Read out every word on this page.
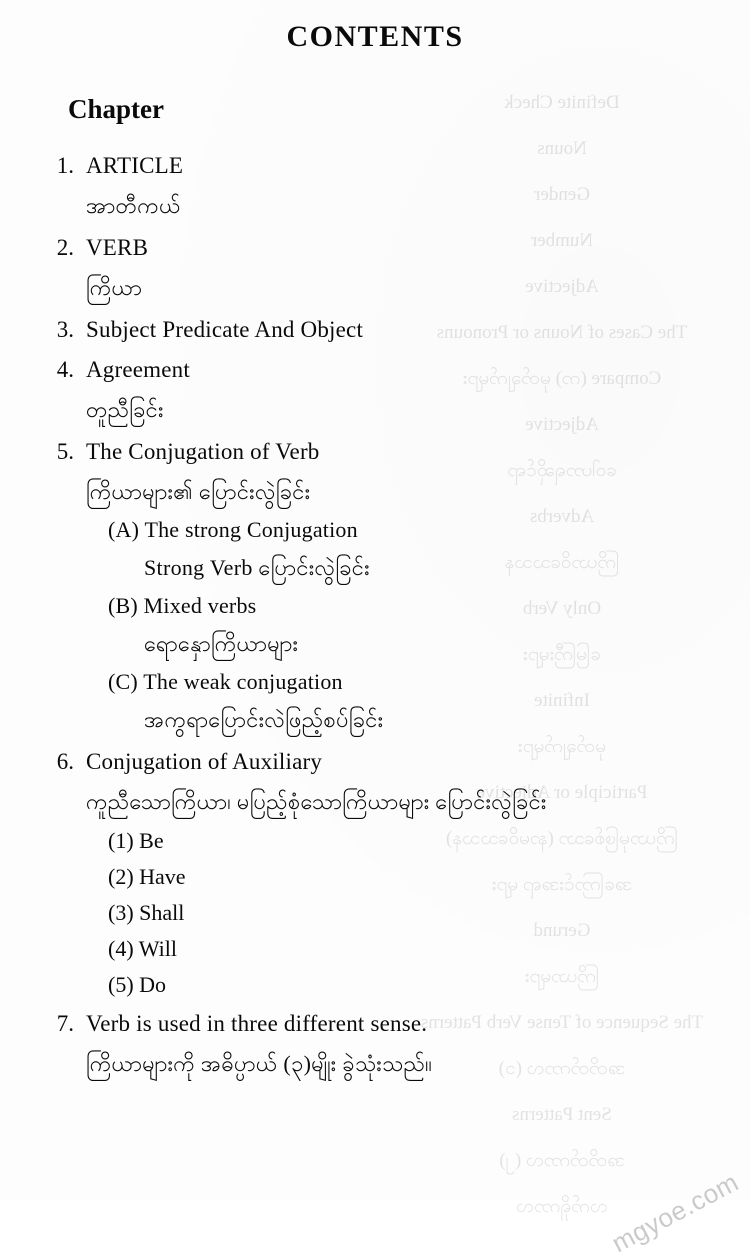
Definite Check
Nouns
Gender
Number
Adjective
The Cases of Nouns or Pronouns
Compare (က) မှတ်ချက်များ
Adjective
ဝေါဟာရဆိုင်ရာ
Adverbs
ကြိယာဝိသေသန
Only Verb
မြေကြီးများ
Infinite
မှတ်ချက်များ
Participle or Adjective
ကြိယာမှဖြစ်သော (နာမဝိသေသန)
အကြောင်းအရာ များ
Gerund
ကြိယာများ
The Sequence of Tense Verb Patterns
အတိတ်ကာလ (၁)
Sent Patterns
အတိတ်ကာလ (၂)
လက်ရှိကာလ
CONTENTS
Chapter
1. ARTICLE
အာတီကယ်
2. VERB
ကြိယာ
3. Subject Predicate And Object
4. Agreement
တူညီခြင်း
5. The Conjugation of Verb
ကြိယာများ၏ ပြောင်းလွဲခြင်း
(A) The strong Conjugation
Strong Verb ပြောင်းလွဲခြင်း
(B) Mixed verbs
ရောနှောကြိယာများ
(C) The weak conjugation
အကွရာပြောင်းလဲဖြည့်စပ်ခြင်း
6. Conjugation of Auxiliary
ကူညီသောကြိယာ၊ မပြည့်စုံသောကြိယာများ ပြောင်းလွဲခြင်း
(1) Be
(2) Have
(3) Shall
(4) Will
(5) Do
7. Verb is used in three different sense.
ကြိယာများကို အဓိပ္ပာယ် (၃)မျိုး ခွဲသုံးသည်။
mgyoe.com
